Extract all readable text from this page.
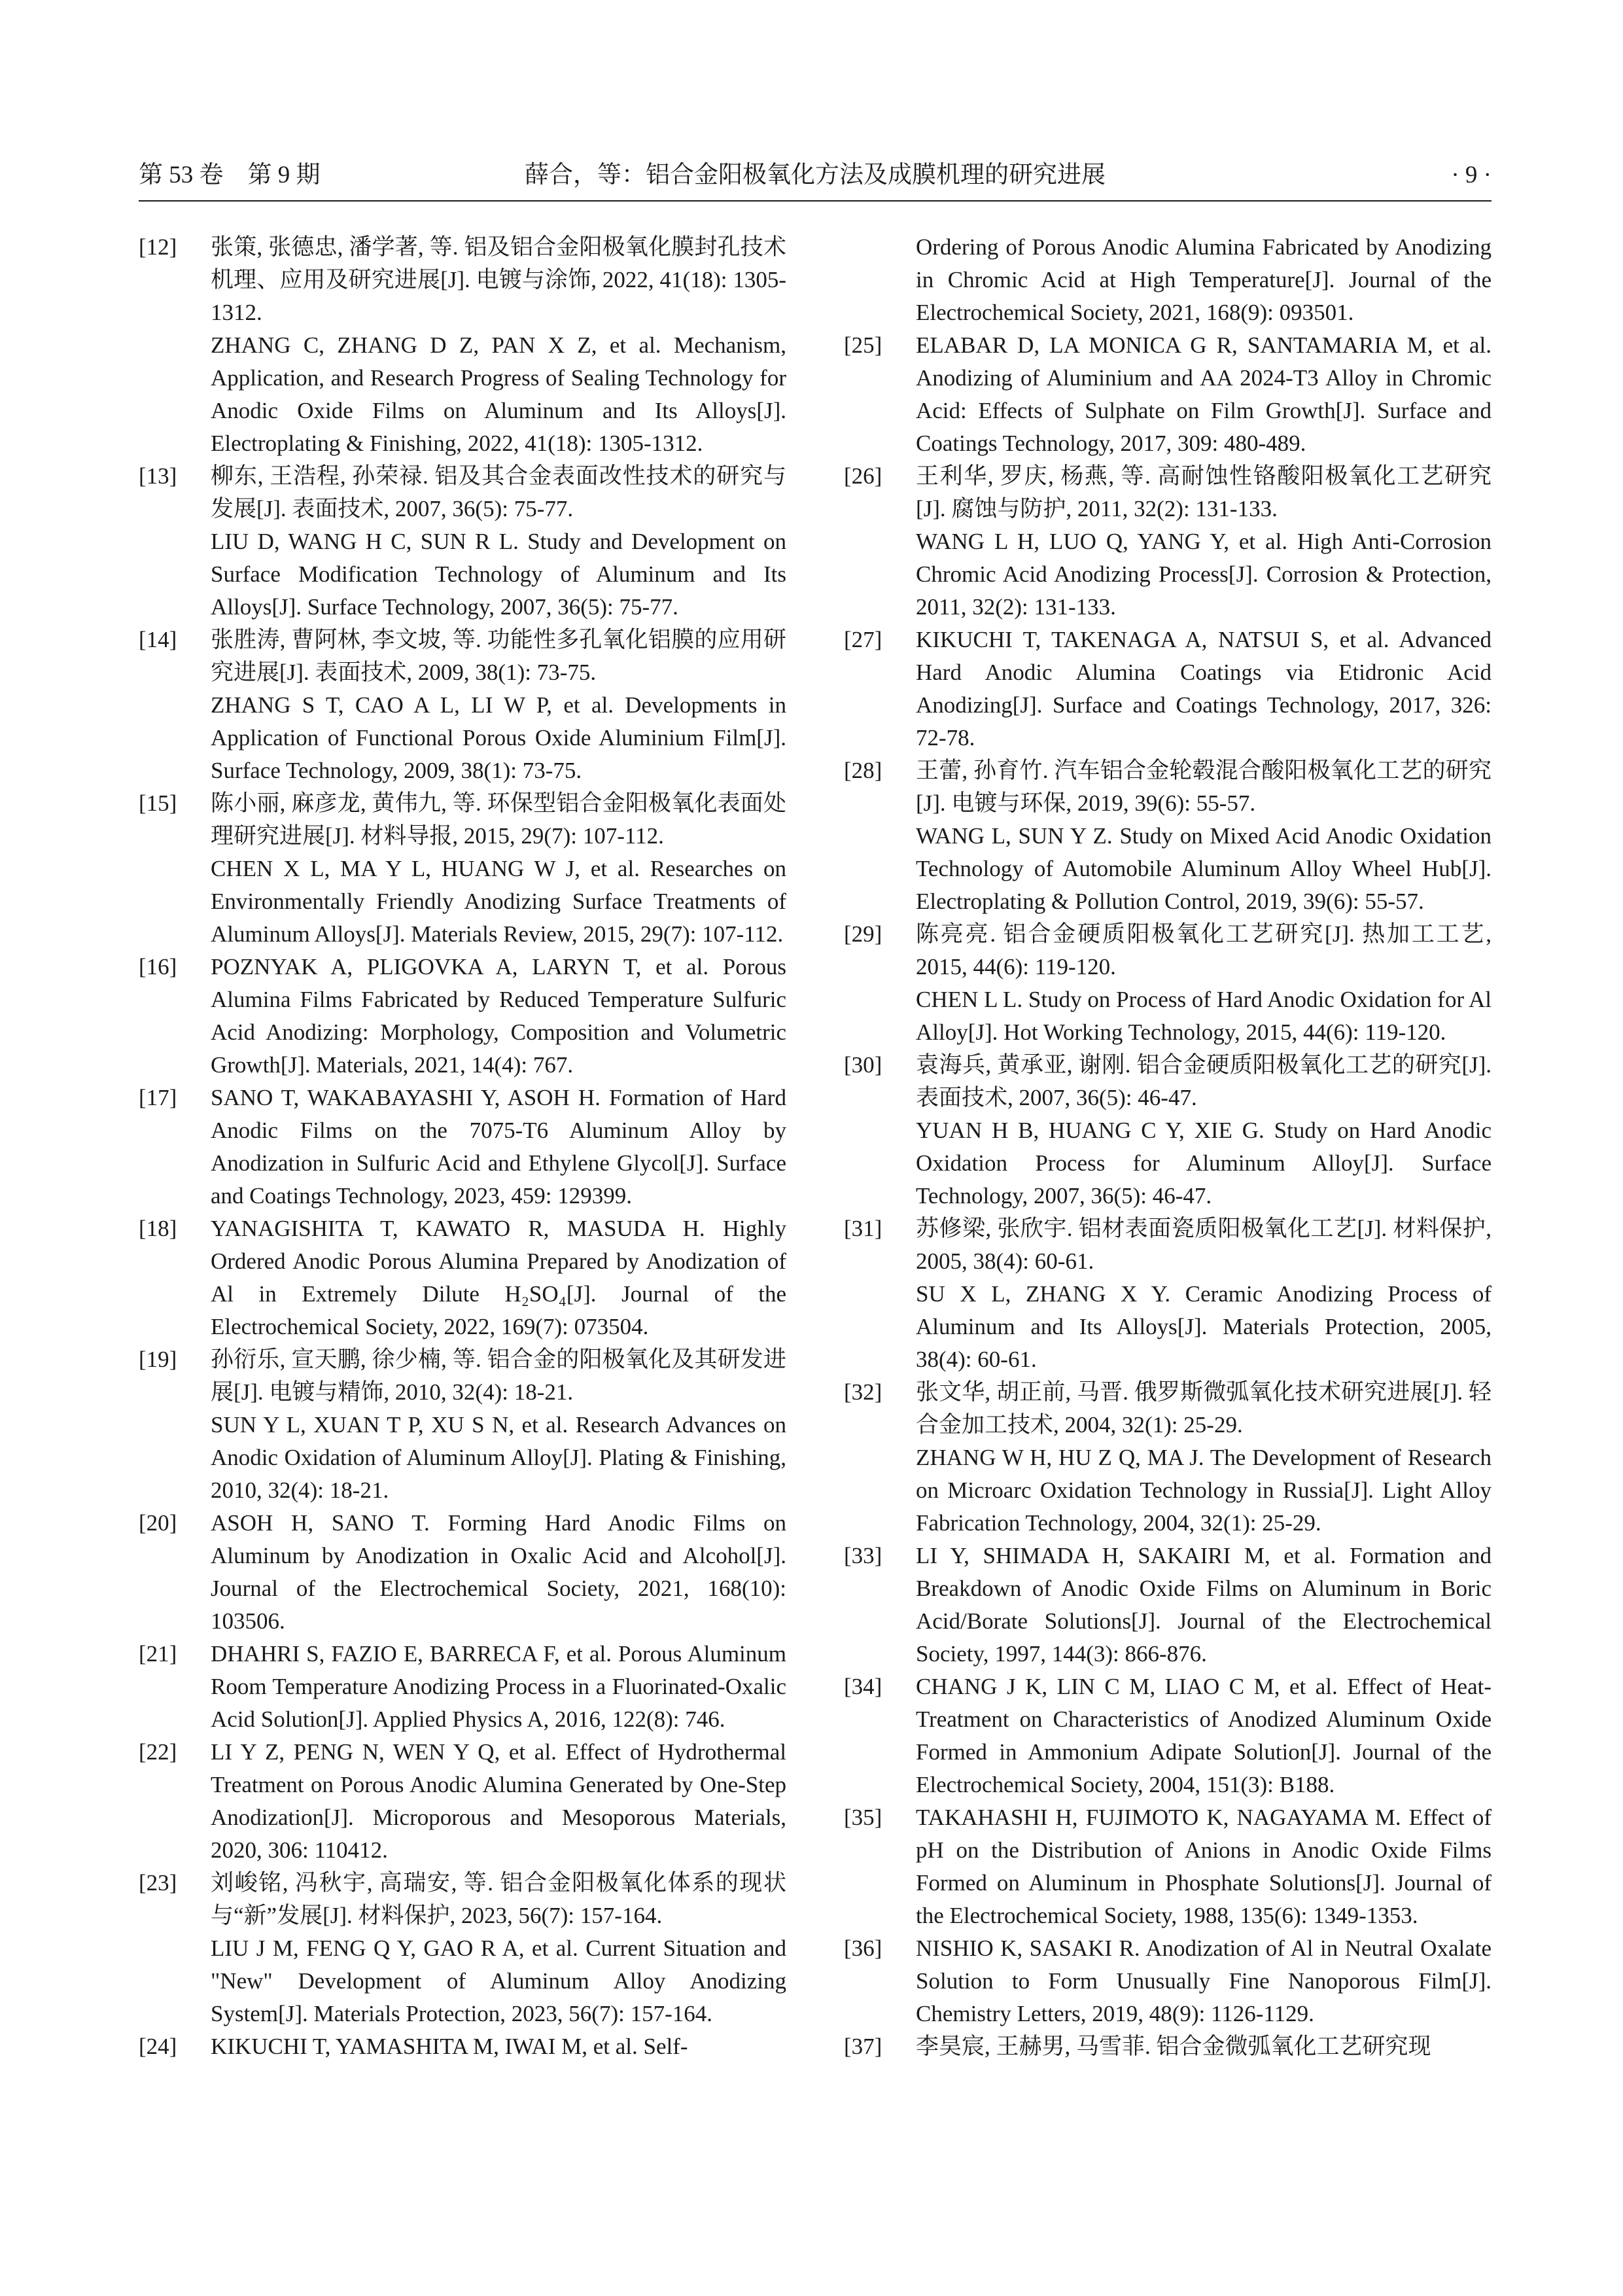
第 53 卷　第 9 期	薛合，等：铝合金阳极氧化方法及成膜机理的研究进展	· 9 ·
[12] 张策, 张德忠, 潘学著, 等. 铝及铝合金阳极氧化膜封孔技术机理、应用及研究进展[J]. 电镀与涂饰, 2022, 41(18): 1305-1312.

ZHANG C, ZHANG D Z, PAN X Z, et al. Mechanism, Application, and Research Progress of Sealing Technology for Anodic Oxide Films on Aluminum and Its Alloys[J]. Electroplating & Finishing, 2022, 41(18): 1305-1312.

[13] 柳东, 王浩程, 孙荣禄. 铝及其合金表面改性技术的研究与发展[J]. 表面技术, 2007, 36(5): 75-77.

LIU D, WANG H C, SUN R L. Study and Development on Surface Modification Technology of Aluminum and Its Alloys[J]. Surface Technology, 2007, 36(5): 75-77.

[14] 张胜涛, 曹阿林, 李文坡, 等. 功能性多孔氧化铝膜的应用研究进展[J]. 表面技术, 2009, 38(1): 73-75.

ZHANG S T, CAO A L, LI W P, et al. Developments in Application of Functional Porous Oxide Aluminium Film[J]. Surface Technology, 2009, 38(1): 73-75.

[15] 陈小丽, 麻彦龙, 黄伟九, 等. 环保型铝合金阳极氧化表面处理研究进展[J]. 材料导报, 2015, 29(7): 107-112.

CHEN X L, MA Y L, HUANG W J, et al. Researches on Environmentally Friendly Anodizing Surface Treatments of Aluminum Alloys[J]. Materials Review, 2015, 29(7): 107-112.

[16] POZNYAK A, PLIGOVKA A, LARYN T, et al. Porous Alumina Films Fabricated by Reduced Temperature Sulfuric Acid Anodizing: Morphology, Composition and Volumetric Growth[J]. Materials, 2021, 14(4): 767.

[17] SANO T, WAKABAYASHI Y, ASOH H. Formation of Hard Anodic Films on the 7075-T6 Aluminum Alloy by Anodization in Sulfuric Acid and Ethylene Glycol[J]. Surface and Coatings Technology, 2023, 459: 129399.

[18] YANAGISHITA T, KAWATO R, MASUDA H. Highly Ordered Anodic Porous Alumina Prepared by Anodization of Al in Extremely Dilute H₂SO₄[J]. Journal of the Electrochemical Society, 2022, 169(7): 073504.

[19] 孙衍乐, 宣天鹏, 徐少楠, 等. 铝合金的阳极氧化及其研发进展[J]. 电镀与精饰, 2010, 32(4): 18-21.

SUN Y L, XUAN T P, XU S N, et al. Research Advances on Anodic Oxidation of Aluminum Alloy[J]. Plating & Finishing, 2010, 32(4): 18-21.

[20] ASOH H, SANO T. Forming Hard Anodic Films on Aluminum by Anodization in Oxalic Acid and Alcohol[J]. Journal of the Electrochemical Society, 2021, 168(10): 103506.

[21] DHAHRI S, FAZIO E, BARRECA F, et al. Porous Aluminum Room Temperature Anodizing Process in a Fluorinated-Oxalic Acid Solution[J]. Applied Physics A, 2016, 122(8): 746.

[22] LI Y Z, PENG N, WEN Y Q, et al. Effect of Hydrothermal Treatment on Porous Anodic Alumina Generated by One-Step Anodization[J]. Microporous and Mesoporous Materials, 2020, 306: 110412.

[23] 刘峻铭, 冯秋宇, 高瑞安, 等. 铝合金阳极氧化体系的现状与“新”发展[J]. 材料保护, 2023, 56(7): 157-164.

LIU J M, FENG Q Y, GAO R A, et al. Current Situation and "New" Development of Aluminum Alloy Anodizing System[J]. Materials Protection, 2023, 56(7): 157-164.

[24] KIKUCHI T, YAMASHITA M, IWAI M, et al. Self-

Ordering of Porous Anodic Alumina Fabricated by Anodizing in Chromic Acid at High Temperature[J]. Journal of the Electrochemical Society, 2021, 168(9): 093501.

[25] ELABAR D, LA MONICA G R, SANTAMARIA M, et al. Anodizing of Aluminium and AA 2024-T3 Alloy in Chromic Acid: Effects of Sulphate on Film Growth[J]. Surface and Coatings Technology, 2017, 309: 480-489.

[26] 王利华, 罗庆, 杨燕, 等. 高耐蚀性铬酸阳极氧化工艺研究[J]. 腐蚀与防护, 2011, 32(2): 131-133.

WANG L H, LUO Q, YANG Y, et al. High Anti-Corrosion Chromic Acid Anodizing Process[J]. Corrosion & Protection, 2011, 32(2): 131-133.

[27] KIKUCHI T, TAKENAGA A, NATSUI S, et al. Advanced Hard Anodic Alumina Coatings via Etidronic Acid Anodizing[J]. Surface and Coatings Technology, 2017, 326: 72-78.

[28] 王蕾, 孙育竹. 汽车铝合金轮毂混合酸阳极氧化工艺的研究[J]. 电镀与环保, 2019, 39(6): 55-57.

WANG L, SUN Y Z. Study on Mixed Acid Anodic Oxidation Technology of Automobile Aluminum Alloy Wheel Hub[J]. Electroplating & Pollution Control, 2019, 39(6): 55-57.

[29] 陈亮亮. 铝合金硬质阳极氧化工艺研究[J]. 热加工工艺, 2015, 44(6): 119-120.

CHEN L L. Study on Process of Hard Anodic Oxidation for Al Alloy[J]. Hot Working Technology, 2015, 44(6): 119-120.

[30] 袁海兵, 黄承亚, 谢刚. 铝合金硬质阳极氧化工艺的研究[J]. 表面技术, 2007, 36(5): 46-47.

YUAN H B, HUANG C Y, XIE G. Study on Hard Anodic Oxidation Process for Aluminum Alloy[J]. Surface Technology, 2007, 36(5): 46-47.

[31] 苏修梁, 张欣宇. 铝材表面瓷质阳极氧化工艺[J]. 材料保护, 2005, 38(4): 60-61.

SU X L, ZHANG X Y. Ceramic Anodizing Process of Aluminum and Its Alloys[J]. Materials Protection, 2005, 38(4): 60-61.

[32] 张文华, 胡正前, 马晋. 俄罗斯微弧氧化技术研究进展[J]. 轻合金加工技术, 2004, 32(1): 25-29.

ZHANG W H, HU Z Q, MA J. The Development of Research on Microarc Oxidation Technology in Russia[J]. Light Alloy Fabrication Technology, 2004, 32(1): 25-29.

[33] LI Y, SHIMADA H, SAKAIRI M, et al. Formation and Breakdown of Anodic Oxide Films on Aluminum in Boric Acid/Borate Solutions[J]. Journal of the Electrochemical Society, 1997, 144(3): 866-876.

[34] CHANG J K, LIN C M, LIAO C M, et al. Effect of Heat-Treatment on Characteristics of Anodized Aluminum Oxide Formed in Ammonium Adipate Solution[J]. Journal of the Electrochemical Society, 2004, 151(3): B188.

[35] TAKAHASHI H, FUJIMOTO K, NAGAYAMA M. Effect of pH on the Distribution of Anions in Anodic Oxide Films Formed on Aluminum in Phosphate Solutions[J]. Journal of the Electrochemical Society, 1988, 135(6): 1349-1353.

[36] NISHIO K, SASAKI R. Anodization of Al in Neutral Oxalate Solution to Form Unusually Fine Nanoporous Film[J]. Chemistry Letters, 2019, 48(9): 1126-1129.

[37] 李昊宸, 王赫男, 马雪菲. 铝合金微弧氧化工艺研究现
